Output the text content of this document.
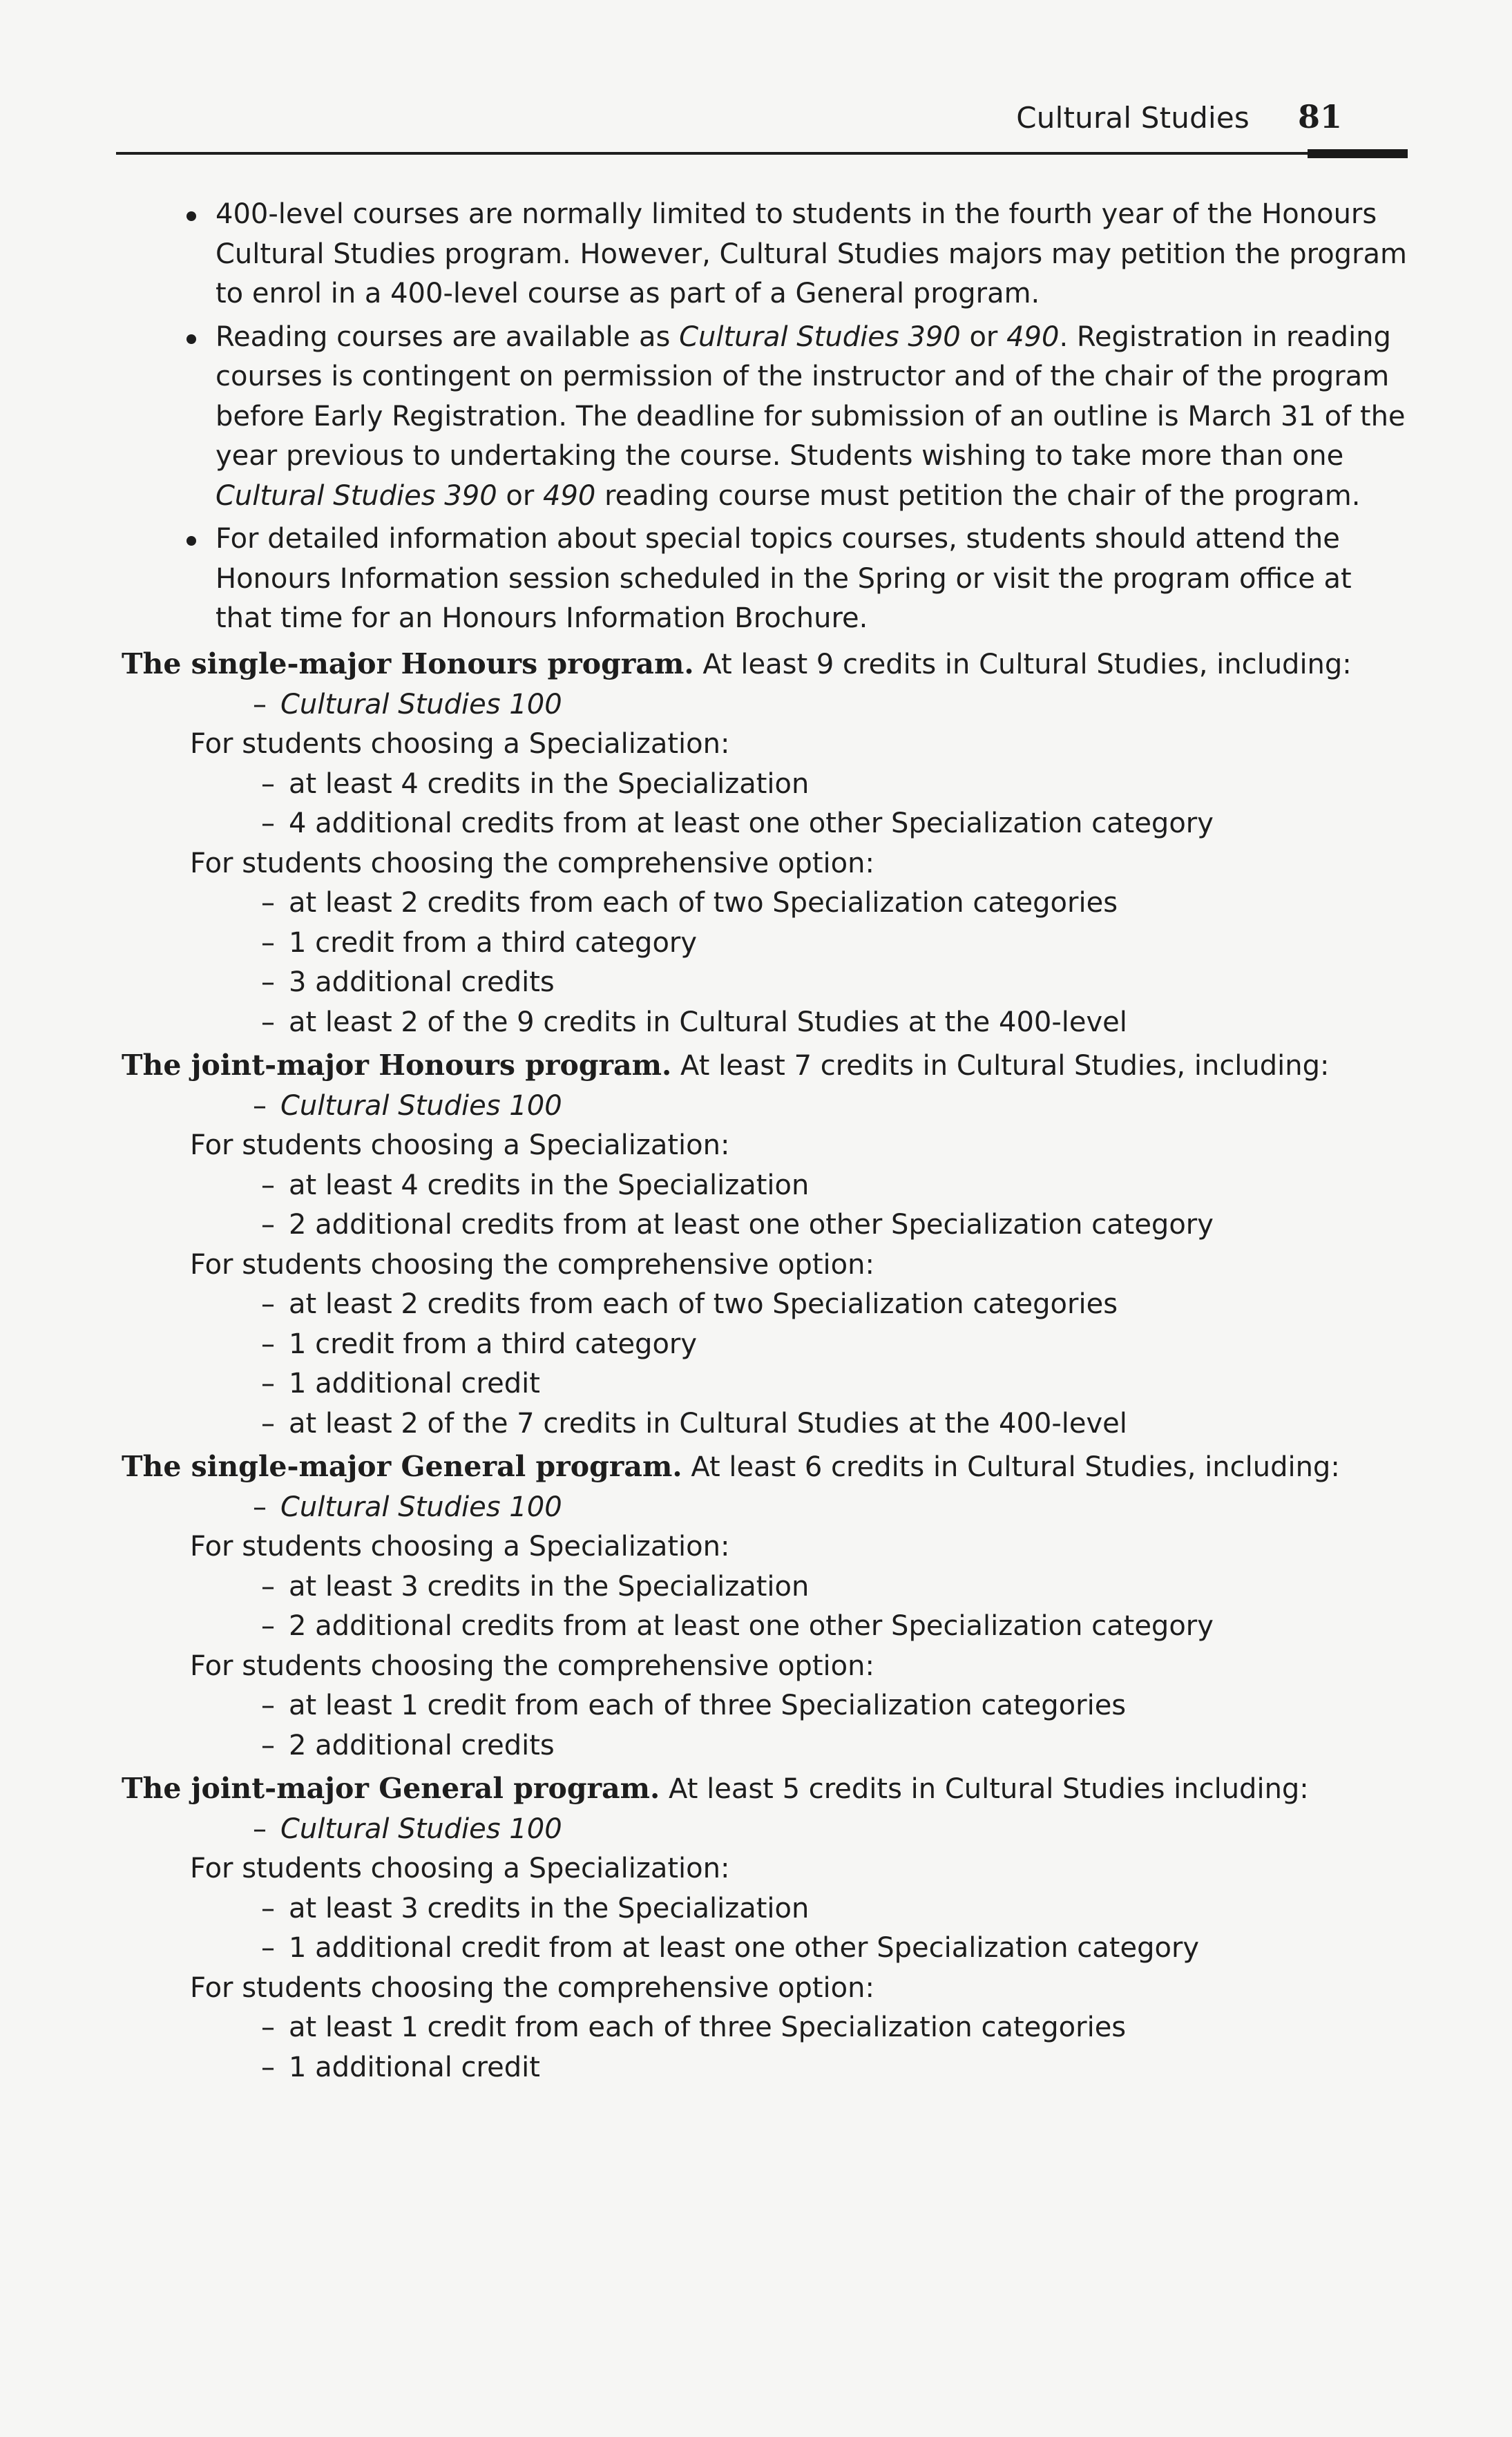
Cultural Studies 81
400-level courses are normally limited to students in the fourth year of the Honours
Cultural Studies program. However, Cultural Studies majors may petition the program
to enrol in a 400-level course as part of a General program.
Reading courses are available as Cultural Studies 390 or 490. Registration in reading
courses is contingent on permission of the instructor and of the chair of the program
before Early Registration. The deadline for submission of an outline is March 31 of the
year previous to undertaking the course. Students wishing to take more than one
Cultural Studies 390 or 490 reading course must petition the chair of the program.
For detailed information about special topics courses, students should attend the
Honours Information session scheduled in the Spring or visit the program office at
that time for an Honours Information Brochure.
The single-major Honours program. At least 9 credits in Cultural Studies, including:
– Cultural Studies 100
For students choosing a Specialization:
– at least 4 credits in the Specialization
– 4 additional credits from at least one other Specialization category
For students choosing the comprehensive option:
– at least 2 credits from each of two Specialization categories
– 1 credit from a third category
– 3 additional credits
– at least 2 of the 9 credits in Cultural Studies at the 400-level
The joint-major Honours program. At least 7 credits in Cultural Studies, including:
– Cultural Studies 100
For students choosing a Specialization:
– at least 4 credits in the Specialization
– 2 additional credits from at least one other Specialization category
For students choosing the comprehensive option:
– at least 2 credits from each of two Specialization categories
– 1 credit from a third category
– 1 additional credit
– at least 2 of the 7 credits in Cultural Studies at the 400-level
The single-major General program. At least 6 credits in Cultural Studies, including:
– Cultural Studies 100
For students choosing a Specialization:
– at least 3 credits in the Specialization
– 2 additional credits from at least one other Specialization category
For students choosing the comprehensive option:
– at least 1 credit from each of three Specialization categories
– 2 additional credits
The joint-major General program. At least 5 credits in Cultural Studies including:
– Cultural Studies 100
For students choosing a Specialization:
– at least 3 credits in the Specialization
– 1 additional credit from at least one other Specialization category
For students choosing the comprehensive option:
– at least 1 credit from each of three Specialization categories
– 1 additional credit
